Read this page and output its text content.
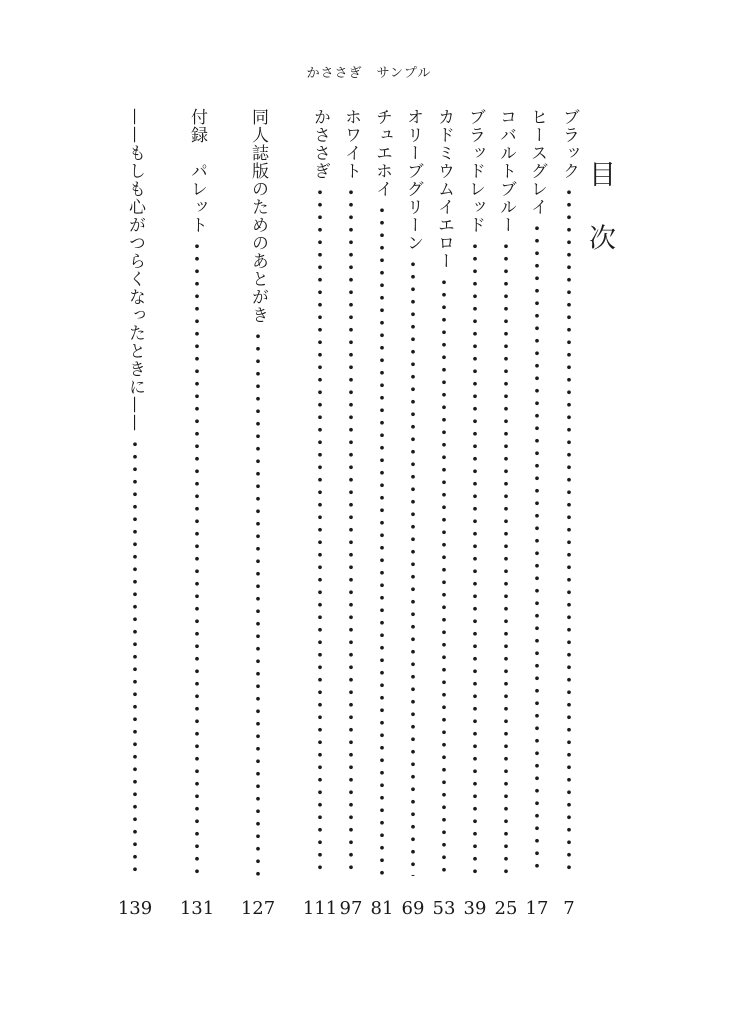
かささぎ　サンプル
目 次
ブラック
ヒースグレイ
コバルトブルー
ブラッドレッド
カドミウムイエロー
オリーブグリーン
チュエホイ
ホワイト
かささぎ
同人誌版のためのあとがき
付録　パレット
——もしも心がつらくなったときに——
7
17
25
39
53
69
81
97
111
127
131
139
